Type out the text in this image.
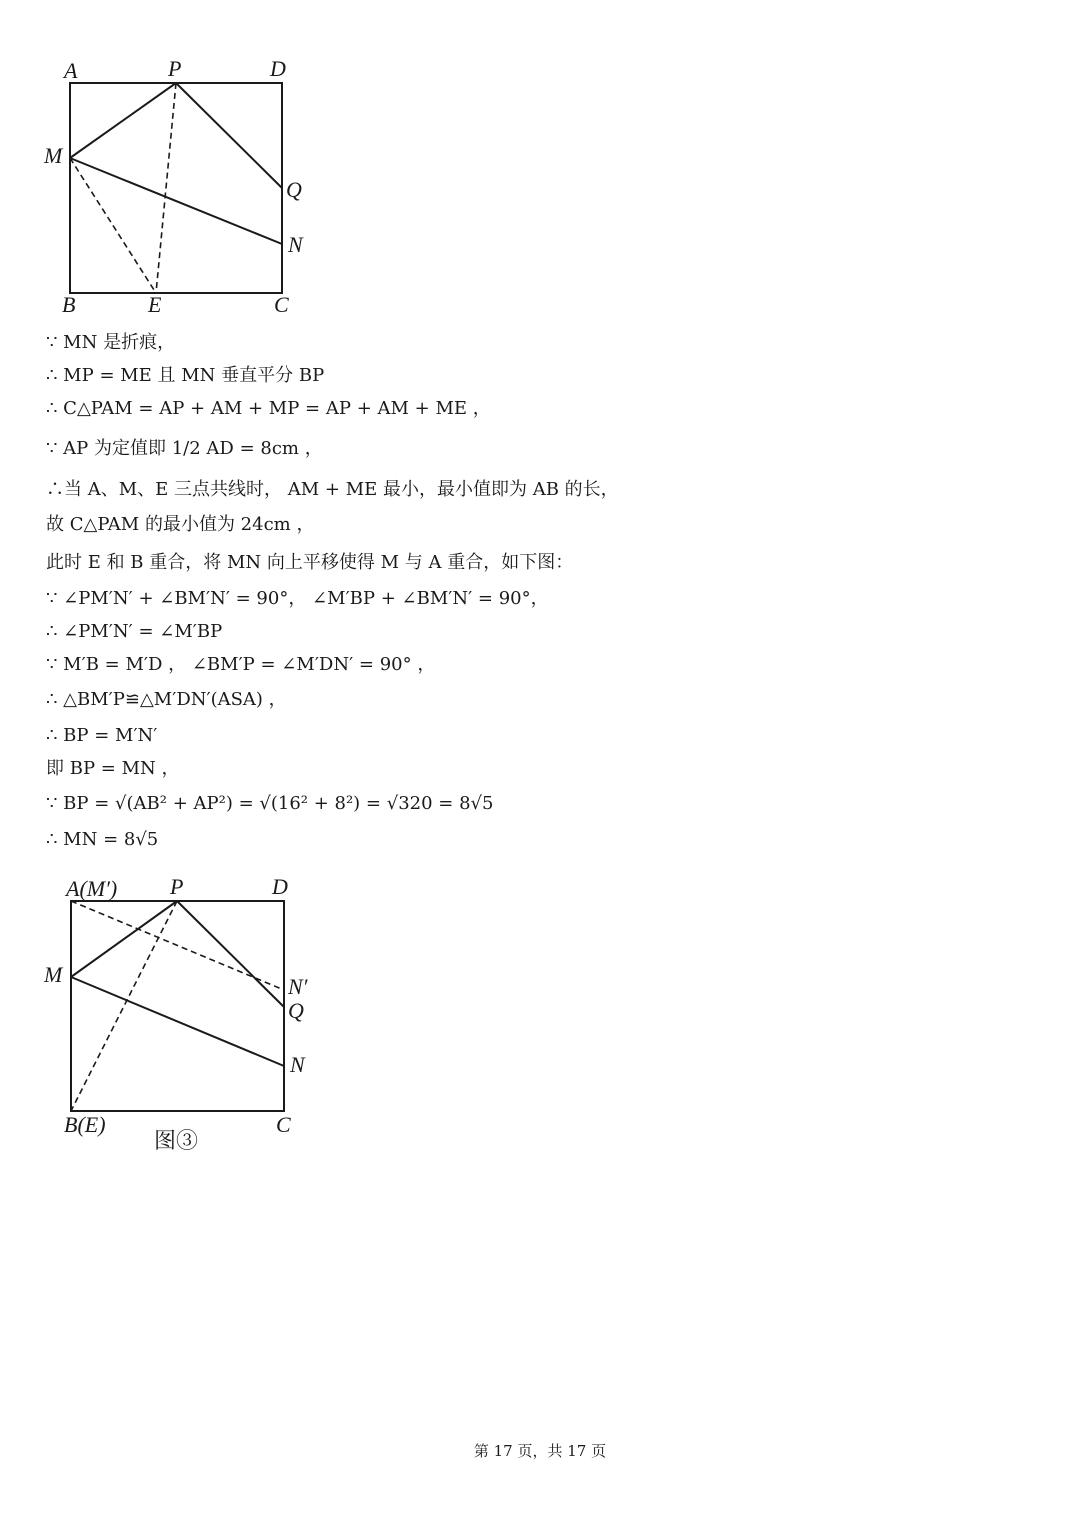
A	P	D
M
Q
N
B	E	C
∵ MN 是折痕，
∴ MP = ME 且 MN 垂直平分 BP
∴ C△PAM = AP + AM + MP = AP + AM + ME ，
∵ AP 为定值即 1/2 AD = 8cm ，
∴当 A、M、E 三点共线时， AM + ME 最小，最小值即为 AB 的长，
故 C△PAM 的最小值为 24cm ，
此时 E 和 B 重合，将 MN 向上平移使得 M 与 A 重合，如下图：
∵ ∠PM′N′ + ∠BM′N′ = 90°， ∠M′BP + ∠BM′N′ = 90°，
∴ ∠PM′N′ = ∠M′BP
∵ M′B = M′D ， ∠BM′P = ∠M′DN′ = 90° ，
∴ △BM′P≌△M′DN′(ASA) ，
∴ BP = M′N′
即 BP = MN ，
∵ BP = √(AB² + AP²) = √(16² + 8²) = √320 = 8√5
∴ MN = 8√5
A(M′) P	D
M	N′
Q
N
B(E)	C
图③
第 17 页，共 17 页
